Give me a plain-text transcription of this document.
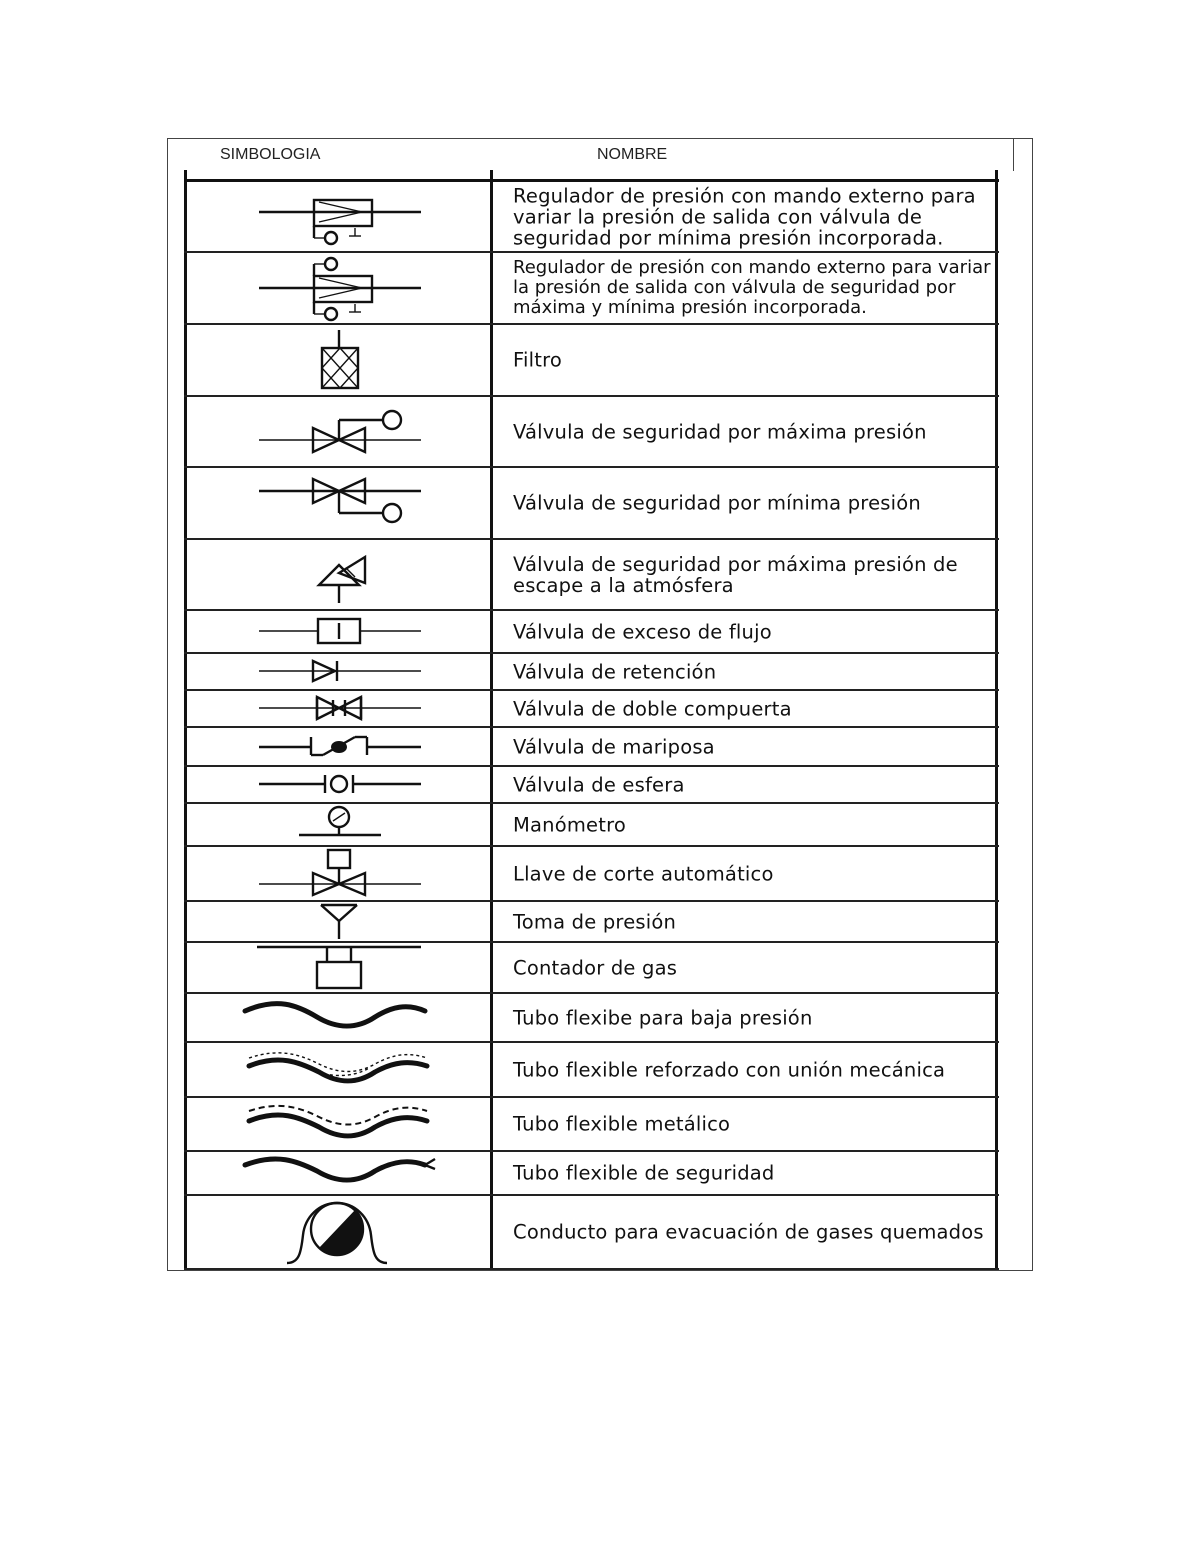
SIMBOLOGIA	NOMBRE
Regulador de presión con mando externo para variar la presión de salida con válvula de seguridad por mínima presión incorporada.
Regulador de presión con mando externo para variar la presión de salida con válvula de seguridad por máxima y mínima presión incorporada.
Filtro
Válvula de seguridad por máxima presión
Válvula de seguridad por mínima presión
Válvula de seguridad por máxima presión de escape a la atmósfera
Válvula de exceso de flujo
Válvula de retención
Válvula de doble compuerta
Válvula de mariposa
Válvula de esfera
Manómetro
Llave de corte automático
Toma de presión
Contador de gas
Tubo flexibe para baja presión
Tubo flexible reforzado con unión mecánica
Tubo flexible metálico
Tubo flexible de seguridad
Conducto para evacuación de gases quemados
